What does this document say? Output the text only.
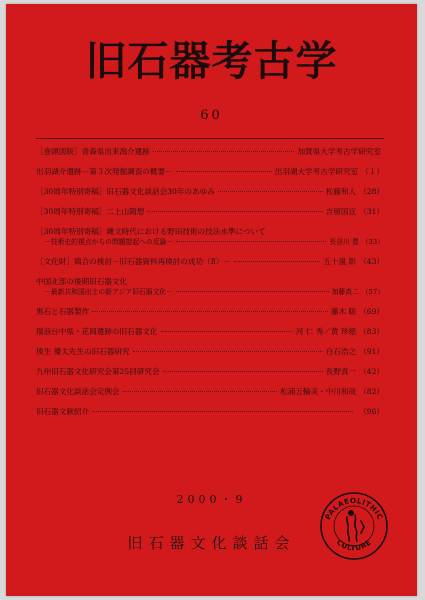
旧石器考古学
60
［巻頭図版］青森県出来潟介遺跡	加賀県大学考古学研究室
出羽湖介遺跡－第３次発掘調査の概要－	出羽湖大学考古学研究室 （１）
［30周年特別寄稿］旧石器文化談話会30年のあゆみ	松藤和人 （28）
［30周年特別寄稿］二上山随想	吉留国宜 （31）
［30周年特別寄稿］縄文時代における野田技術の技法水準について
－技術史的視点からの問題提起への反論－	長谷川 豊 （33）
［文化財］鶏合の検討－旧石器資料再検討の成功（Ⅱ）－	五十嵐 彰 （43）
中国北部の後期旧石器文化
－最新共和国出土の新アジア旧石器文化－	加藤真二 （57）
黒石と石器製作	藤木 聡 （69）
瑞浪台中県・花岡遺跡の旧石器文化	河 仁 秀／黄 珍徳 （83）
検生 優太先生の旧石器研究	白石浩之 （91）
九州旧石器文化研究会第25回研究会	長野真一 （42）
旧石器文化談話会定例会	松浦五輪美・中川和哉 （82）
旧石器文献紹介	（96）
2000・9
旧石器文化談話会
PALAEOLITHIC
CULTURE
